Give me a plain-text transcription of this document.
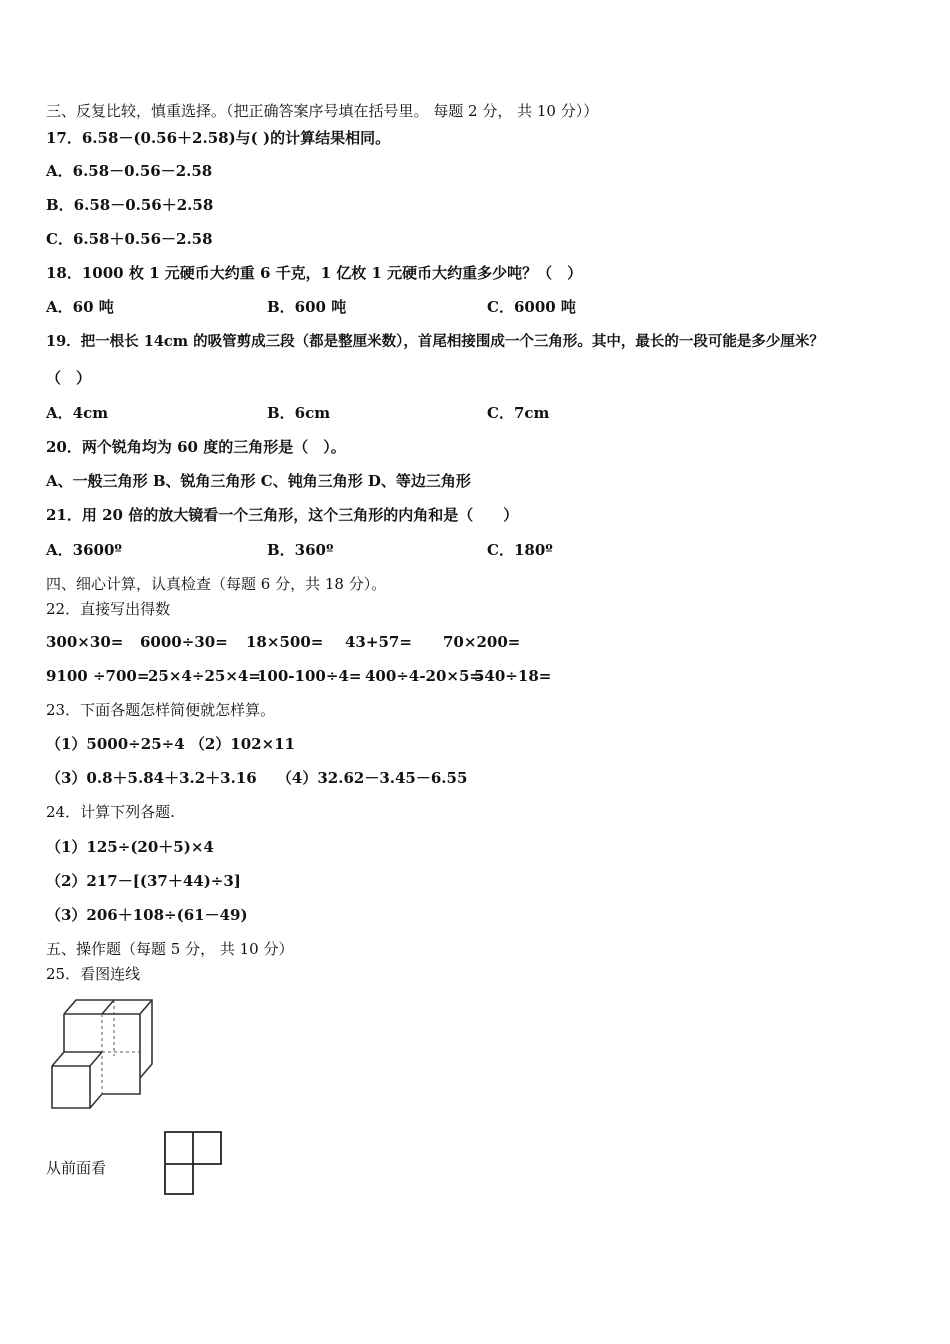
三、反复比较，慎重选择。（把正确答案序号填在括号里。 每题 2 分， 共 10 分））
17．6.58－(0.56＋2.58)与( )的计算结果相同。
A．6.58－0.56－2.58
B．6.58－0.56＋2.58
C．6.58＋0.56－2.58
18．1000 枚 1 元硬币大约重 6 千克，1 亿枚 1 元硬币大约重多少吨？（　）
A．60 吨	B．600 吨	C．6000 吨
19．把一根长 14cm 的吸管剪成三段（都是整厘米数），首尾相接围成一个三角形。其中，最长的一段可能是多少厘米？
（　）
A．4cm	B．6cm	C．7cm
20．两个锐角均为 60 度的三角形是（　）。
A、一般三角形 B、锐角三角形 C、钝角三角形 D、等边三角形
21．用 20 倍的放大镜看一个三角形，这个三角形的内角和是（　　）
A．3600º	B．360º	C．180º
四、细心计算，认真检查（每题 6 分，共 18 分）。
22．直接写出得数
300×30= 6000÷30= 18×500= 43+57= 70×200=
9100 ÷700=
25×4÷25×4=
100-100÷4= 400÷4-20×5=
540÷18=
23．下面各题怎样简便就怎样算。
（1）5000÷25÷4 （2）102×11
（3）0.8＋5.84＋3.2＋3.16　 （4）32.62－3.45－6.55
24．计算下列各题.
（1）125÷(20＋5)×4
（2）217－[(37＋44)÷3]
（3）206＋108÷(61－49)
五、操作题（每题 5 分， 共 10 分）
25．看图连线
从前面看
